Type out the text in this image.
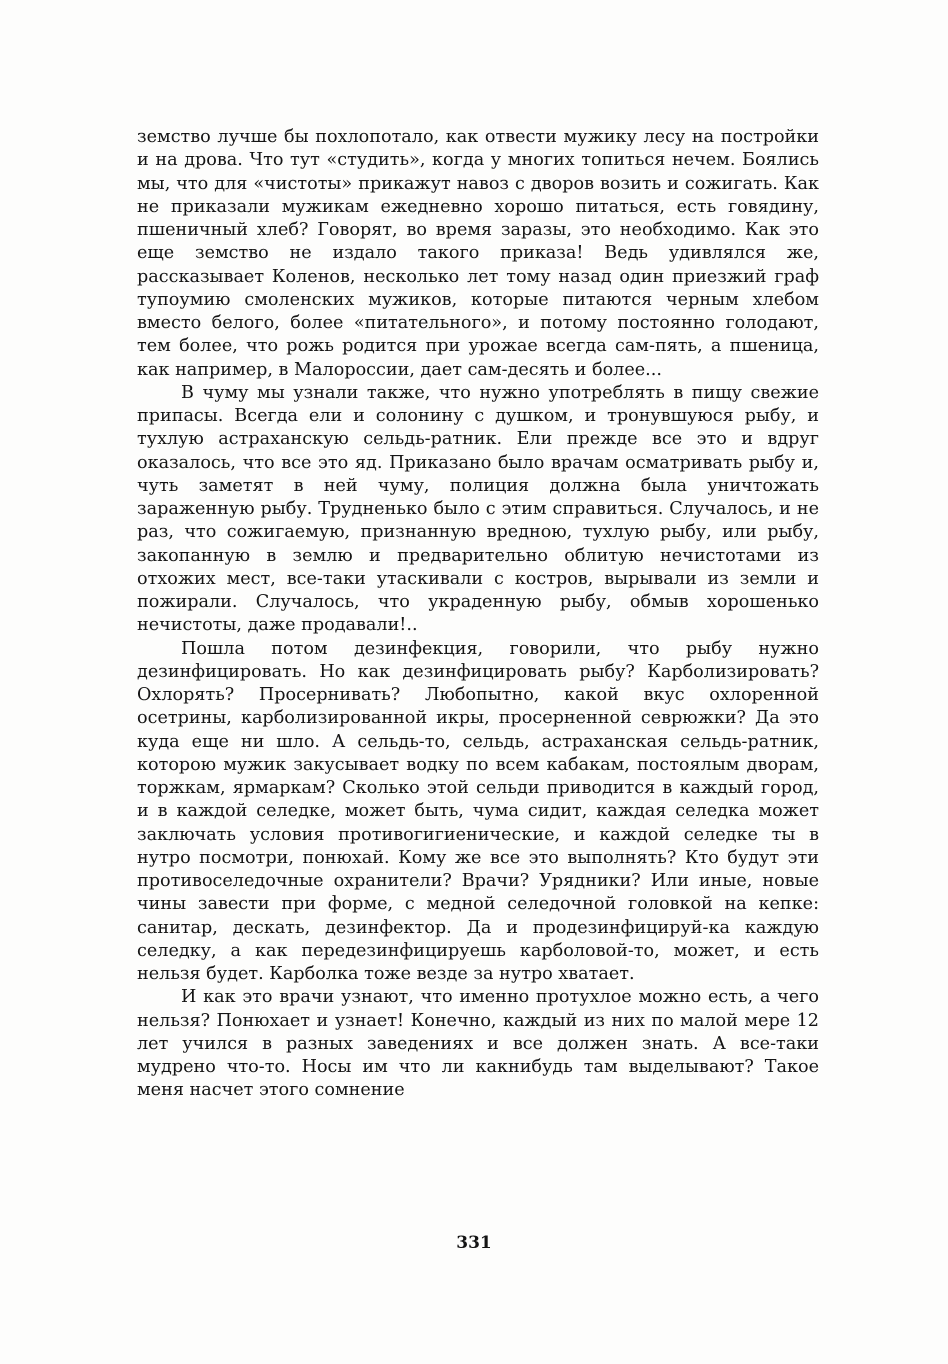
земство лучше бы похлопотало, как отвести мужику лесу на постройки и на дрова. Что тут «студить», когда у многих топиться нечем. Боялись мы, что для «чистоты» прикажут навоз с дворов возить и сожигать. Как не приказали мужикам ежедневно хорошо питаться, есть говядину, пшеничный хлеб? Говорят, во время заразы, это необходимо. Как это еще земство не издало такого приказа! Ведь удивлялся же, рассказывает Коленов, несколько лет тому назад один приезжий граф тупоумию смоленских мужиков, которые питаются черным хлебом вместо белого, более «питательного», и потому постоянно голодают, тем более, что рожь родится при урожае всегда сам-пять, а пшеница, как например, в Малороссии, дает сам-десять и более...

В чуму мы узнали также, что нужно употреблять в пищу свежие припасы. Всегда ели и солонину с душком, и тронувшуюся рыбу, и тухлую астраханскую сельдь-ратник. Ели прежде все это и вдруг оказалось, что все это яд. Приказано было врачам осматривать рыбу и, чуть заметят в ней чуму, полиция должна была уничтожать зараженную рыбу. Трудненько было с этим справиться. Случалось, и не раз, что сожигаемую, признанную вредною, тухлую рыбу, или рыбу, закопанную в землю и предварительно облитую нечистотами из отхожих мест, все-таки утаскивали с костров, вырывали из земли и пожирали. Случалось, что украденную рыбу, обмыв хорошенько нечистоты, даже продавали!..

Пошла потом дезинфекция, говорили, что рыбу нужно дезинфицировать. Но как дезинфицировать рыбу? Карболизировать? Охлорять? Просернивать? Любопытно, какой вкус охлоренной осетрины, карболизированной икры, просерненной севрюжки? Да это куда еще ни шло. А сельдь-то, сельдь, астраханская сельдь-ратник, которою мужик закусывает водку по всем кабакам, постоялым дворам, торжкам, ярмаркам? Сколько этой сельди приводится в каждый город, и в каждой селедке, может быть, чума сидит, каждая селедка может заключать условия противогигиенические, и каждой селедке ты в нутро посмотри, понюхай. Кому же все это выполнять? Кто будут эти противоселедочные охранители? Врачи? Урядники? Или иные, новые чины завести при форме, с медной селедочной головкой на кепке: санитар, дескать, дезинфектор. Да и продезинфицируй-ка каждую селедку, а как передезинфицируешь карболовой-то, может, и есть нельзя будет. Карболка тоже везде за нутро хватает.

И как это врачи узнают, что именно протухлое можно есть, а чего нельзя? Понюхает и узнает! Конечно, каждый из них по малой мере 12 лет учился в разных заведениях и все должен знать. А все-таки мудрено что-то. Носы им что ли какнибудь там выделывают? Такое меня насчет этого сомнение

331
